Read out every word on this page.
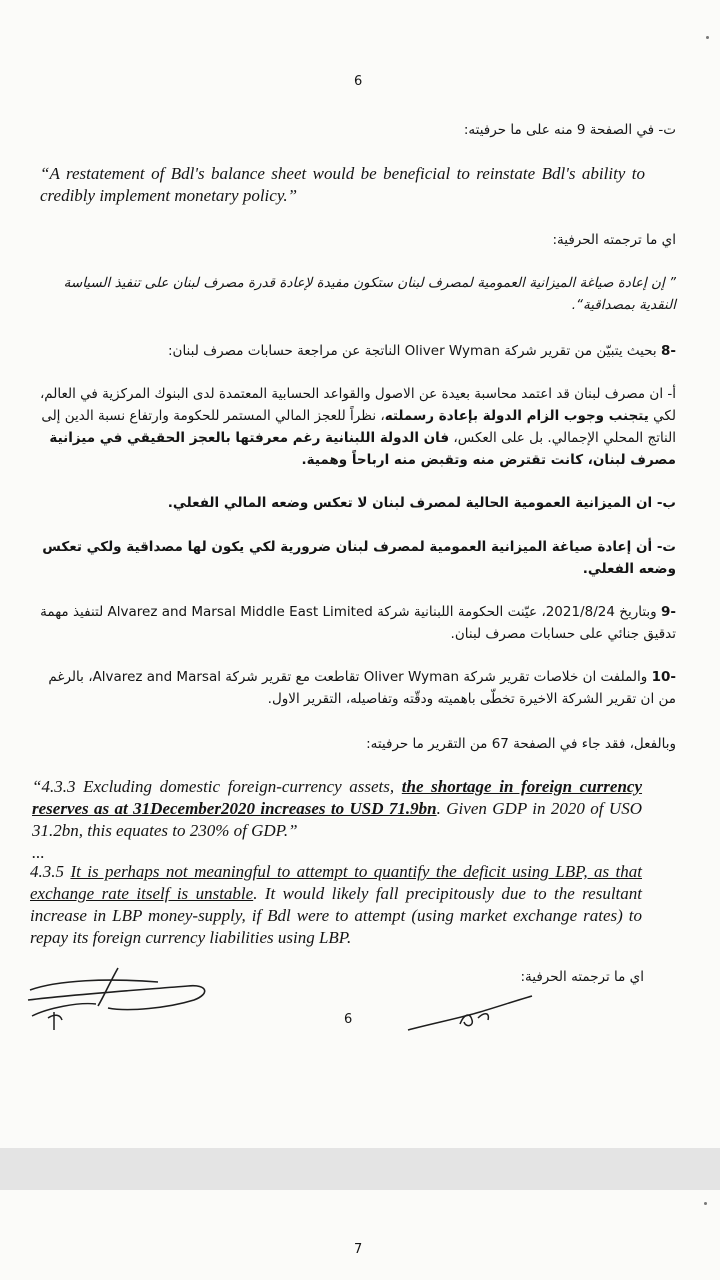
6
ت- في الصفحة 9 منه على ما حرفيته:
“A restatement of Bdl's balance sheet would be beneficial to reinstate Bdl's ability to credibly implement monetary policy.”
اي ما ترجمته الحرفية:
” إن إعادة صياغة الميزانية العمومية لمصرف لبنان ستكون مفيدة لإعادة قدرة مصرف لبنان على تنفيذ السياسة النقدية بمصداقية“.
-8 بحيث يتبيّن من تقرير شركة Oliver Wyman الناتجة عن مراجعة حسابات مصرف لبنان:
أ- ان مصرف لبنان قد اعتمد محاسبة بعيدة عن الاصول والقواعد الحسابية المعتمدة لدى البنوك المركزية في العالم، لكي يتجنب وجوب الزام الدولة بإعادة رسملته، نظراً للعجز المالي المستمر للحكومة وارتفاع نسبة الدين إلى الناتج المحلي الإجمالي. بل على العكس، فان الدولة اللبنانية رغم معرفتها بالعجز الحقيقي في ميزانية مصرف لبنان، كانت تقترض منه وتقبض منه ارباحاً وهمية.
ب- ان الميزانية العمومية الحالية لمصرف لبنان لا تعكس وضعه المالي الفعلي.
ت- أن إعادة صياغة الميزانية العمومية لمصرف لبنان ضرورية لكي يكون لها مصداقية ولكي تعكس وضعه الفعلي.
-9 وبتاريخ 2021/8/24، عيّنت الحكومة اللبنانية شركة Alvarez and Marsal Middle East Limited لتنفيذ مهمة تدقيق جنائي على حسابات مصرف لبنان.
-10 والملفت ان خلاصات تقرير شركة Oliver Wyman تقاطعت مع تقرير شركة Alvarez and Marsal، بالرغم من ان تقرير الشركة الاخيرة تخطّى باهميته ودقّته وتفاصيله، التقرير الاول.
وبالفعل، فقد جاء في الصفحة 67 من التقرير ما حرفيته:
“4.3.3 Excluding domestic foreign-currency assets, the shortage in foreign currency reserves as at 31December2020 increases to USD 71.9bn. Given GDP in 2020 of USO 31.2bn, this equates to 230% of GDP.”
...
4.3.5 It is perhaps not meaningful to attempt to quantify the deficit using LBP, as that exchange rate itself is unstable. It would likely fall precipitously due to the resultant increase in LBP money-supply, if Bdl were to attempt (using market exchange rates) to repay its foreign currency liabilities using LBP.
اي ما ترجمته الحرفية:
6
7
